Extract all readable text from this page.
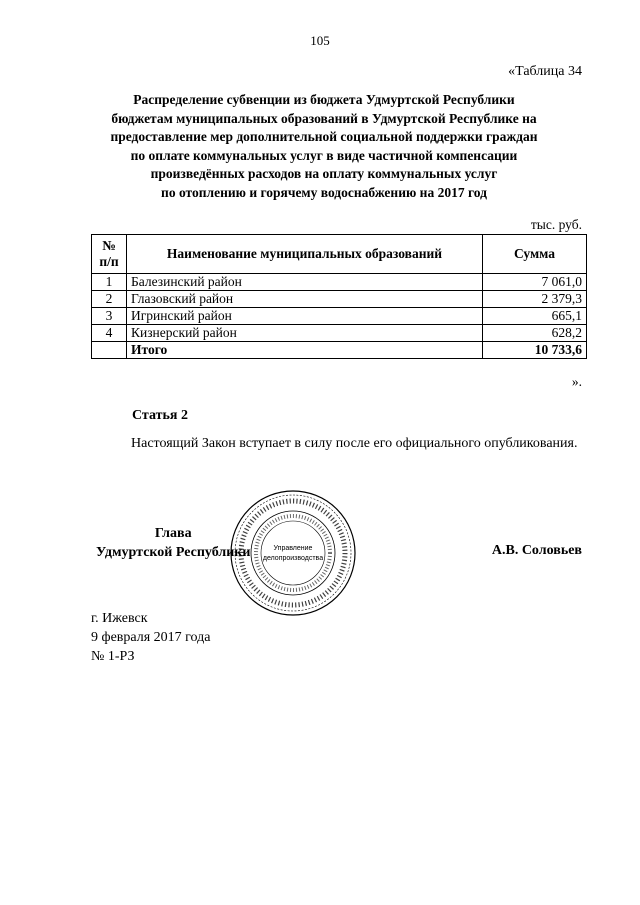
105
«Таблица 34
Распределение субвенции из бюджета Удмуртской Республики
бюджетам муниципальных образований в Удмуртской Республике на
предоставление мер дополнительной социальной поддержки граждан
по оплате коммунальных услуг в виде частичной компенсации
произведённых расходов на оплату коммунальных услуг
по отоплению и горячему водоснабжению на 2017 год
тыс. руб.
№
п/п	Наименование муниципальных образований	Сумма
1	Балезинский район	7 061,0
2	Глазовский район	2 379,3
3	Игринский район	665,1
4	Кизнерский район	628,2
	Итого	10 733,6
».
Статья 2
Настоящий Закон вступает в силу после его официального опубликования.
Управление
делопроизводства
Глава
Удмуртской Республики	А.В. Соловьев
г. Ижевск
9 февраля 2017 года
№ 1-РЗ
